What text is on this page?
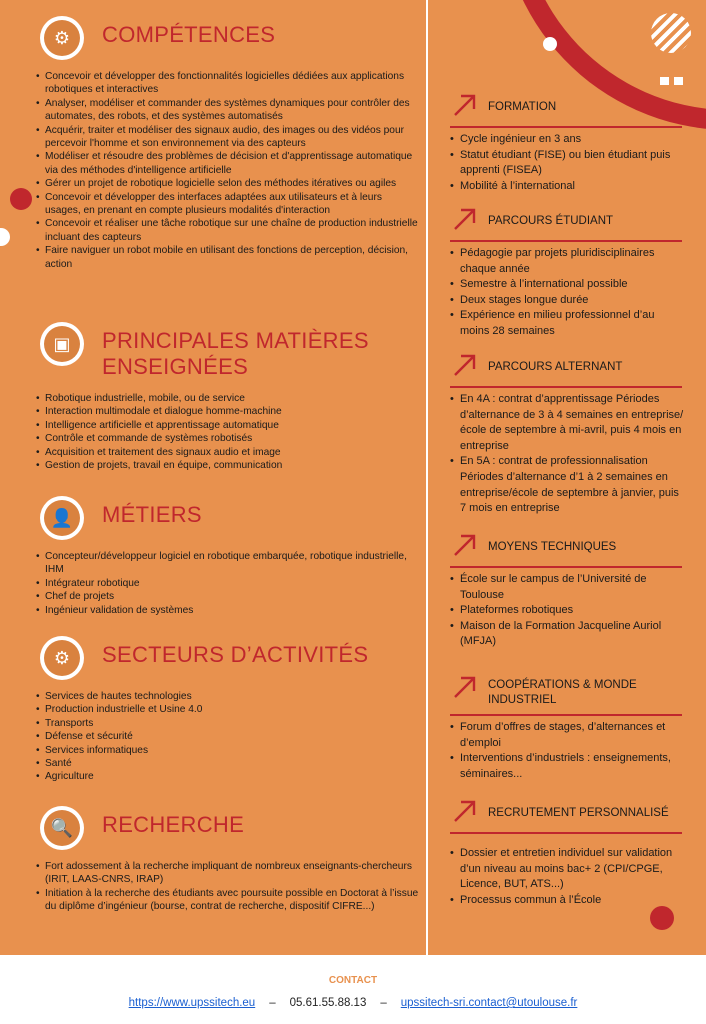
⚙	COMPÉTENCES
• Concevoir et développer des fonctionnalités logicielles dédiées aux applications robotiques et interactives
• Analyser, modéliser et commander des systèmes dynamiques pour contrôler des automates, des robots, et des systèmes automatisés
• Acquérir, traiter et modéliser des signaux audio, des images ou des vidéos pour percevoir l'homme et son environnement via des capteurs
• Modéliser et résoudre des problèmes de décision et d'apprentissage automatique via des méthodes d'intelligence artificielle
• Gérer un projet de robotique logicielle selon des méthodes itératives ou agiles
• Concevoir et développer des interfaces adaptées aux utilisateurs et à leurs usages, en prenant en compte plusieurs modalités d'interaction
• Concevoir et réaliser une tâche robotique sur une chaîne de production industrielle incluant des capteurs
• Faire naviguer un robot mobile en utilisant des fonctions de perception, décision, action
▣	PRINCIPALES MATIÈRES
ENSEIGNÉES
• Robotique industrielle, mobile, ou de service
• Interaction multimodale et dialogue homme-machine
• Intelligence artificielle et apprentissage automatique
• Contrôle et commande de systèmes robotisés
• Acquisition et traitement des signaux audio et image
• Gestion de projets, travail en équipe, communication
👤	MÉTIERS
• Concepteur/développeur logiciel en robotique embarquée, robotique industrielle, IHM
• Intégrateur robotique
• Chef de projets
• Ingénieur validation de systèmes
⚙	SECTEURS D’ACTIVITÉS
• Services de hautes technologies
• Production industrielle et Usine 4.0
• Transports
• Défense et sécurité
• Services informatiques
• Santé
• Agriculture
🔍	RECHERCHE
• Fort adossement à la recherche impliquant de nombreux enseignants-chercheurs (IRIT, LAAS-CNRS, IRAP)
• Initiation à la recherche des étudiants avec poursuite possible en Doctorat à l’issue du diplôme d’ingénieur (bourse, contrat de recherche, dispositif CIFRE...)
FORMATION
• Cycle ingénieur en 3 ans
• Statut étudiant (FISE) ou bien étudiant puis apprenti (FISEA)
• Mobilité à l’international
PARCOURS ÉTUDIANT
• Pédagogie par projets pluridisciplinaires chaque année
• Semestre à l’international possible
• Deux stages longue durée
• Expérience en milieu professionnel d’au moins 28 semaines
PARCOURS ALTERNANT
• En 4A : contrat d’apprentissage Périodes d’alternance de 3 à 4 semaines en entreprise/école de septembre à mi-avril, puis 4 mois en entreprise
• En 5A : contrat de professionnalisation Périodes d’alternance d’1 à 2 semaines en entreprise/école de septembre à janvier, puis 7 mois en entreprise
MOYENS TECHNIQUES
• École sur le campus de l’Université de Toulouse
• Plateformes robotiques
• Maison de la Formation Jacqueline Auriol (MFJA)
COOPÉRATIONS & MONDE INDUSTRIEL
• Forum d’offres de stages, d’alternances et d’emploi
• Interventions d’industriels : enseignements, séminaires...
RECRUTEMENT PERSONNALISÉ
• Dossier et entretien individuel sur validation d’un niveau au moins bac+ 2 (CPI/CPGE, Licence, BUT, ATS...)
• Processus commun à l’École
CONTACT
https://www.upssitech.eu – 05.61.55.88.13 – upssitech-sri.contact@utoulouse.fr
